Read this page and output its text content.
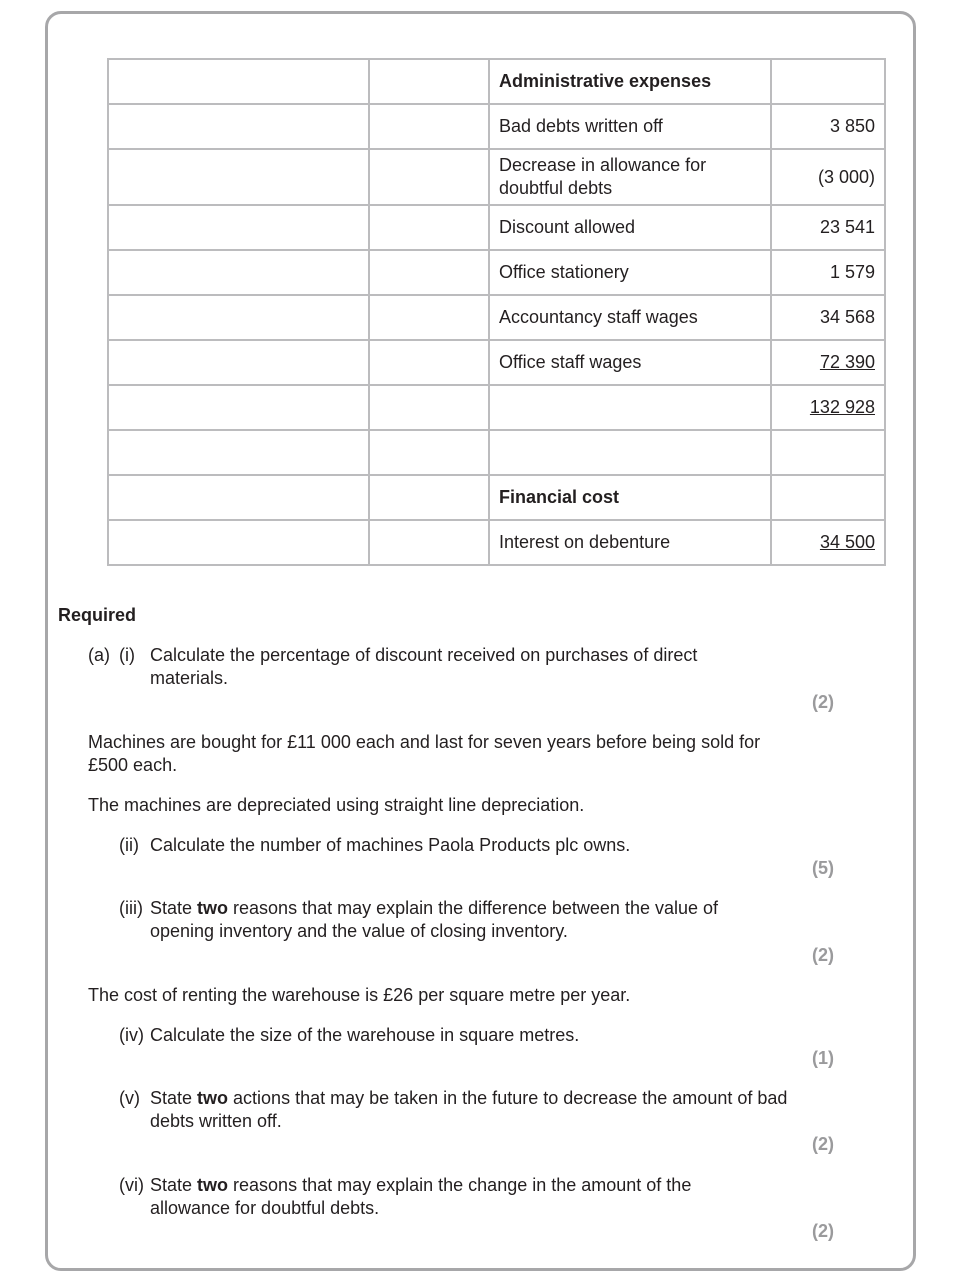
		Administrative expenses	
		Bad debts written off	3 850
		Decrease in allowance for doubtful debts	(3 000)
		Discount allowed	23 541
		Office stationery	1 579
		Accountancy staff wages	34 568
		Office staff wages	72 390
			132 928

		Financial cost	
		Interest on debenture	34 500
Required
(a) (i) Calculate the percentage of discount received on purchases of direct materials.
(2)
Machines are bought for £11 000 each and last for seven years before being sold for £500 each.
The machines are depreciated using straight line depreciation.
(ii) Calculate the number of machines Paola Products plc owns.
(5)
(iii) State two reasons that may explain the difference between the value of opening inventory and the value of closing inventory.
(2)
The cost of renting the warehouse is £26 per square metre per year.
(iv) Calculate the size of the warehouse in square metres.
(1)
(v) State two actions that may be taken in the future to decrease the amount of bad debts written off.
(2)
(vi) State two reasons that may explain the change in the amount of the allowance for doubtful debts.
(2)
